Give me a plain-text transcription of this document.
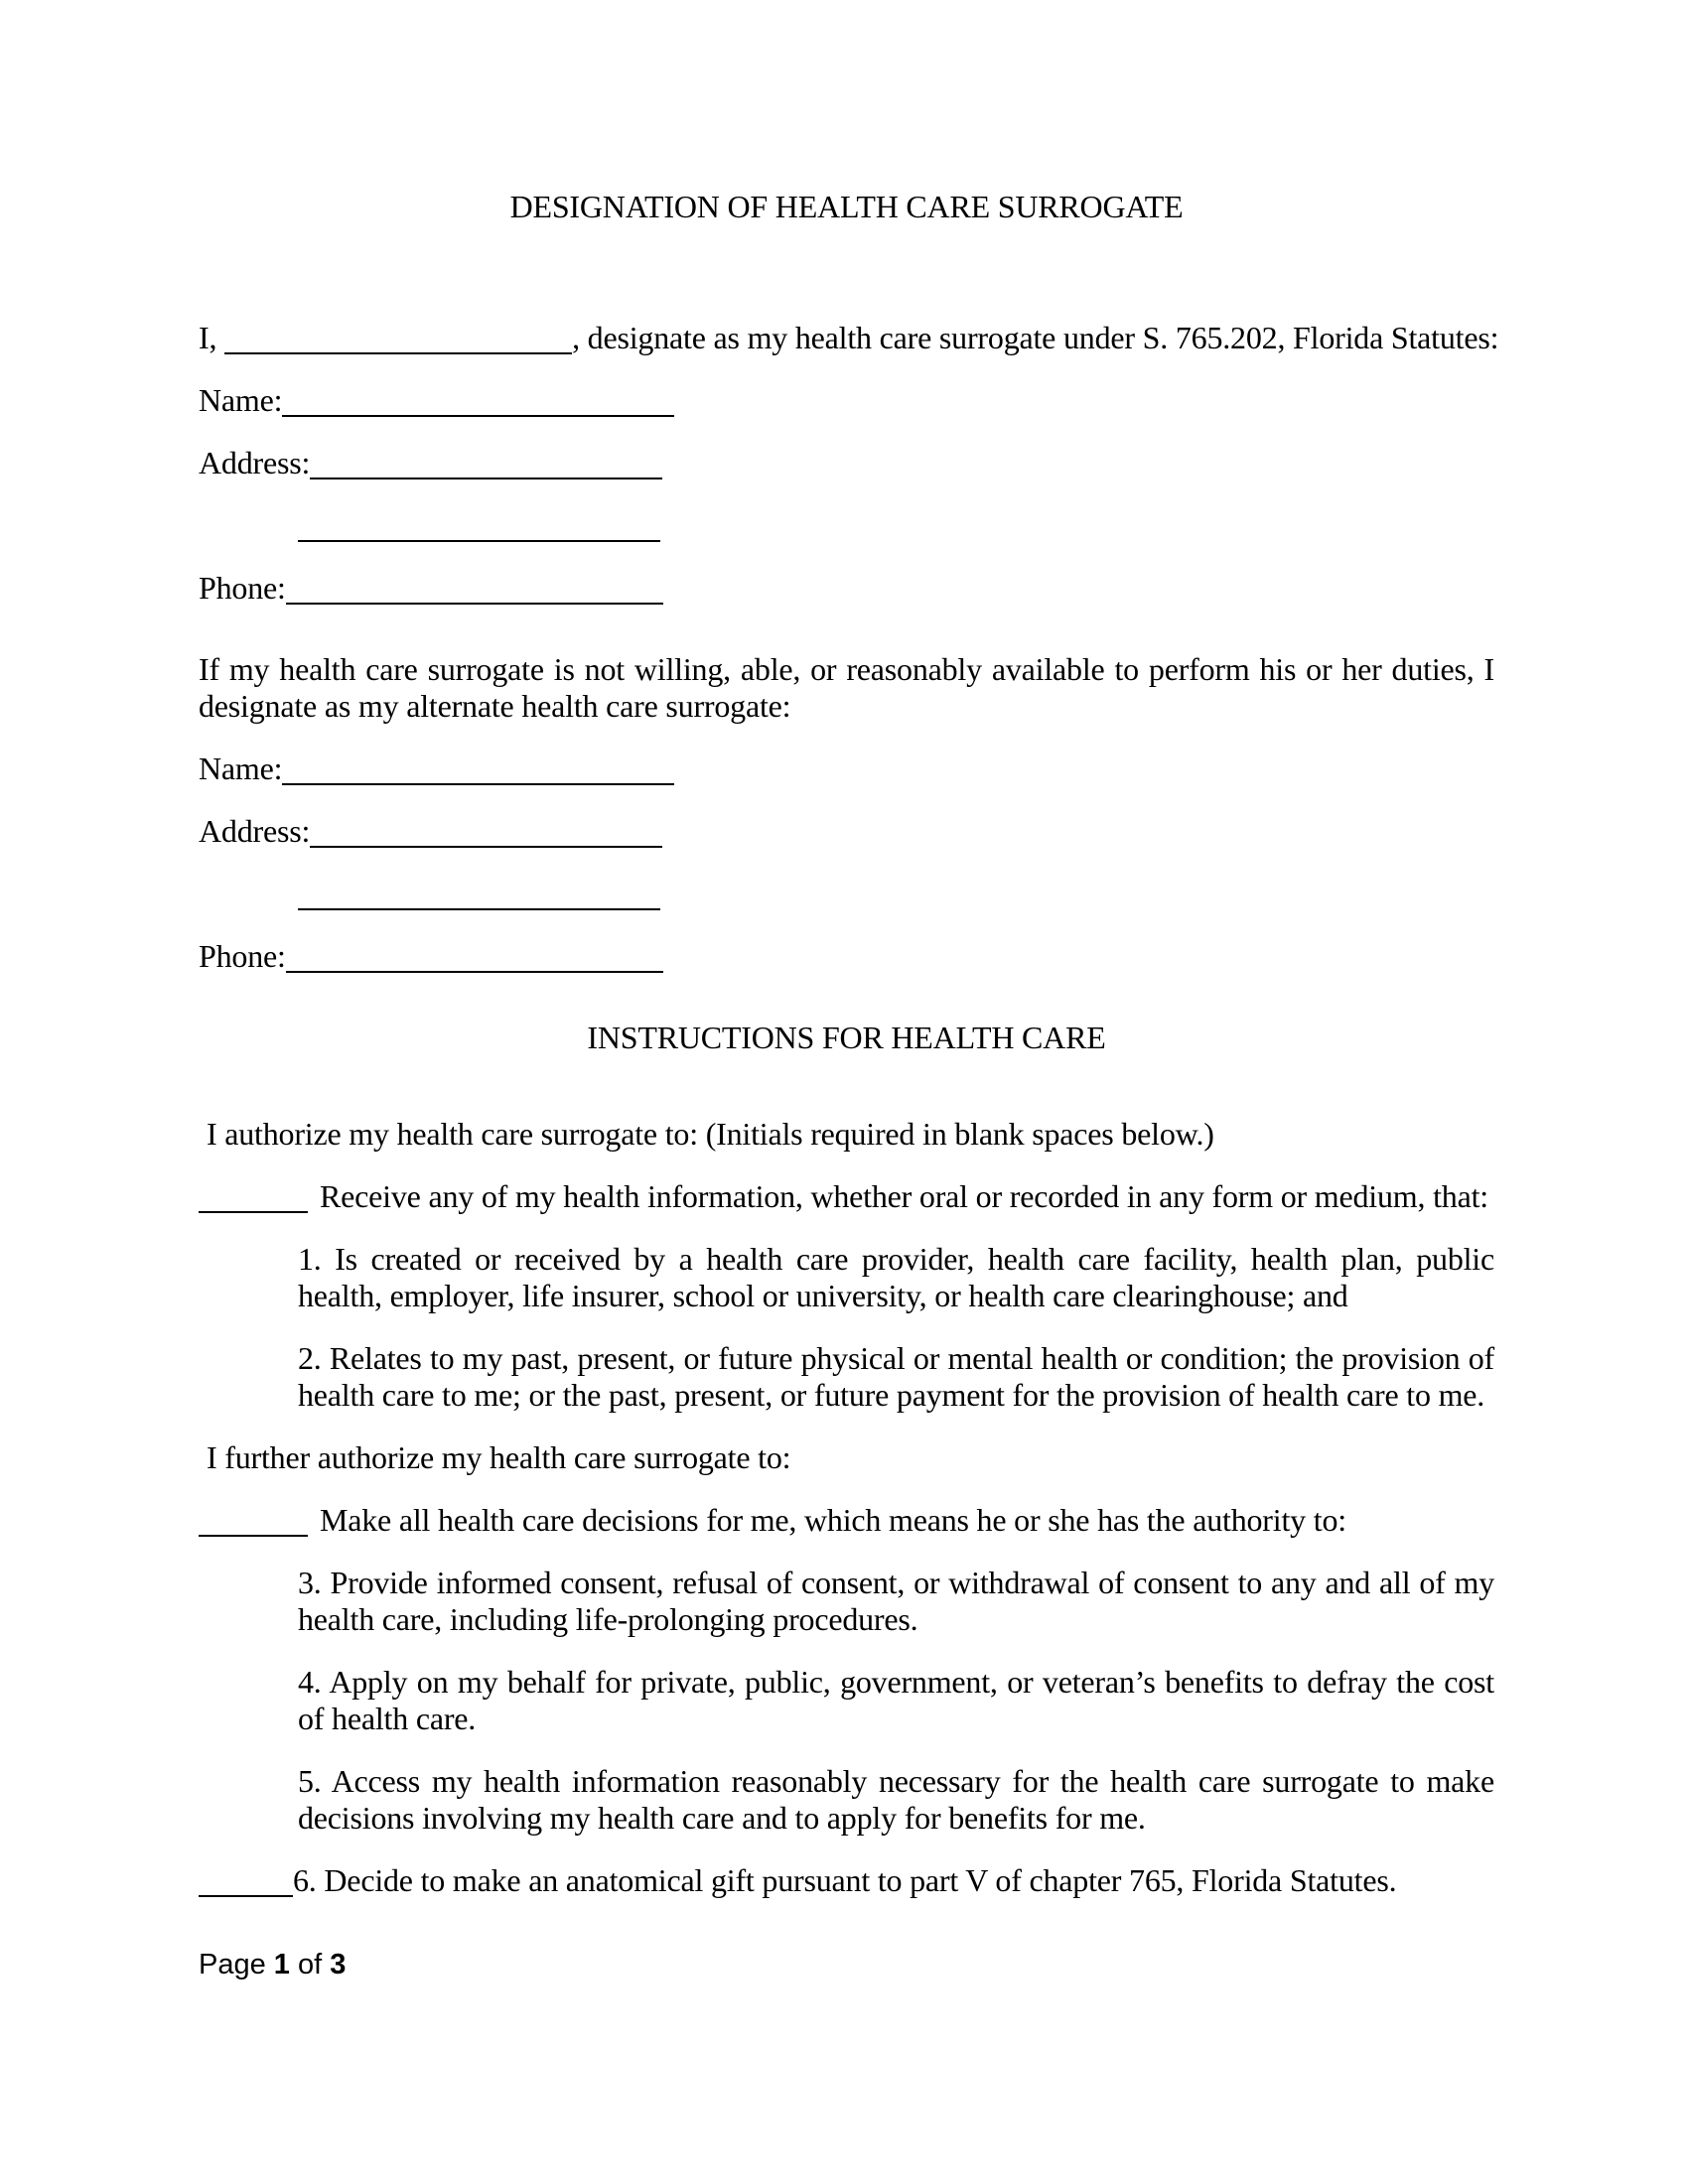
DESIGNATION OF HEALTH CARE SURROGATE

I,	, designate as my health care surrogate under S. 765.202, Florida Statutes:

Name:

Address:

Phone:

If my health care surrogate is not willing, able, or reasonably available to perform his or her duties, I designate as my alternate health care surrogate:

Name:

Address:

Phone:

INSTRUCTIONS FOR HEALTH CARE

I authorize my health care surrogate to: (Initials required in blank spaces below.)

Receive any of my health information, whether oral or recorded in any form or medium, that:

1. Is created or received by a health care provider, health care facility, health plan, public health, employer, life insurer, school or university, or health care clearinghouse; and

2. Relates to my past, present, or future physical or mental health or condition; the provision of health care to me; or the past, present, or future payment for the provision of health care to me.

I further authorize my health care surrogate to:

Make all health care decisions for me, which means he or she has the authority to:

3. Provide informed consent, refusal of consent, or withdrawal of consent to any and all of my health care, including life-prolonging procedures.

4. Apply on my behalf for private, public, government, or veteran’s benefits to defray the cost of health care.

5. Access my health information reasonably necessary for the health care surrogate to make decisions involving my health care and to apply for benefits for me.

6. Decide to make an anatomical gift pursuant to part V of chapter 765, Florida Statutes.

Page 1 of 3
